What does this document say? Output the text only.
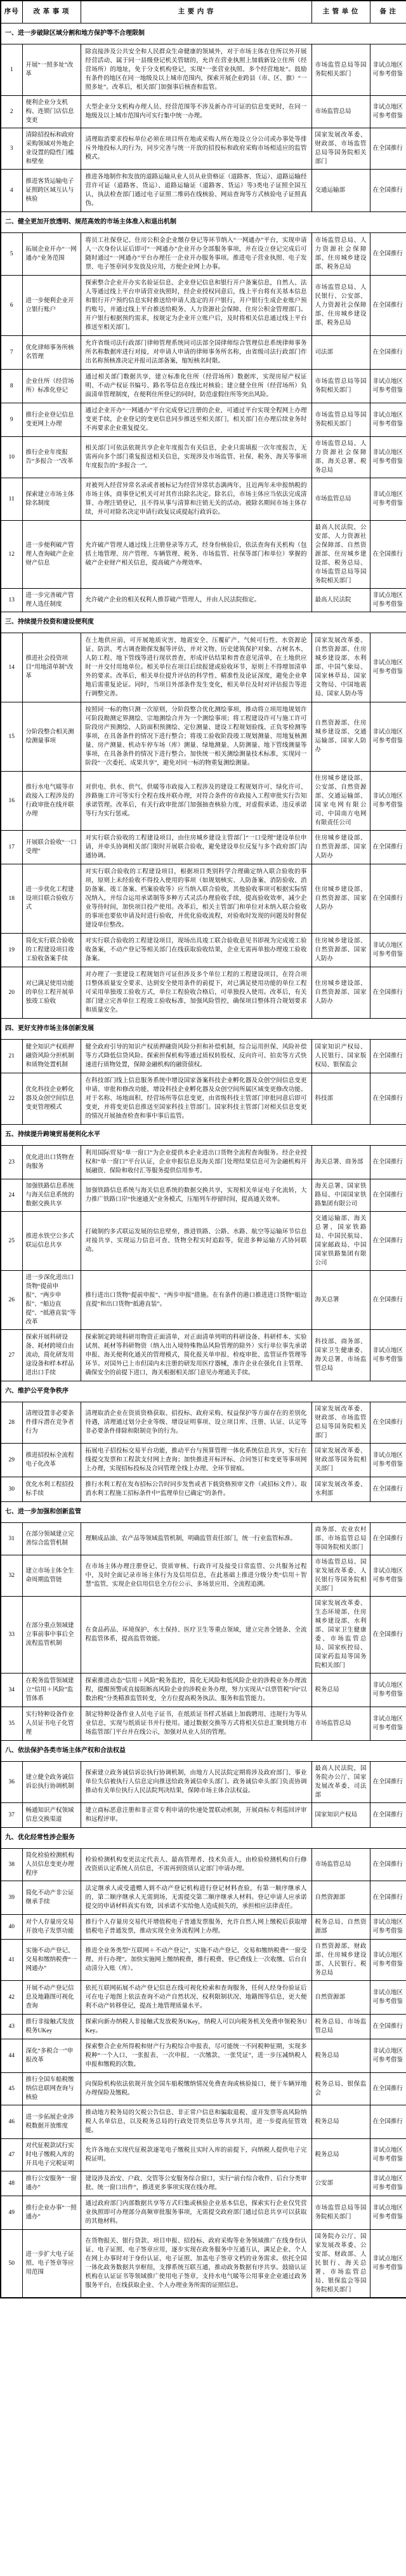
序号	改 革 事 项	主 要 内 容	主 管 单 位	备 注
一、进一步破除区域分割和地方保护等不合理限制				
1	开展“一照多址”改革	除直接涉及公共安全和人民群众生命健康的领域外，对于市场主体在住所以外开展经营活动、属于同一县级登记机关管辖的，允许在营业执照上加载新设立住所（经营场所）的地址，免于分支机构登记，实现“一张营业执照、多个经营地址”。鼓励有条件的地区在同一地级及以上城市范围内，探索开展企业跨县（市、区、旗）“一照多址”。改革后，相关部门加强事后核查和监管。	市场监管总局等国务院相关部门	非试点地区可参考借鉴
2	便利企业分支机构、连锁门店信息变更	大型企业分支机构办理人员、经营范围等不涉及新办许可证的信息变更时，在同一地级及以上城市范围内可实行集中统一办理。	市场监管总局	非试点地区可参考借鉴
3	清除招投标和政府采购领域对外地企业设置的隐性门槛和壁垒	清理取消要求投标单位必须在项目所在地或采购人所在地设立分公司或办事处等排斥外地投标人的行为，同步完善与统一开放的招投标和政府采购市场相适应的监管模式。	国家发展改革委、财政部、市场监管总局等国务院相关部门	在全国推行
4	推进客货运输电子证照跨区域互认与核验	推进各地制作和发放的道路运输从业人员从业资格证（道路客、货运）、道路运输经营许可证（道路客、货运）、道路运输证（道路客、货运）等3类电子证照全国互认，执法检查部门通过电子证照二维码在线核验、网站查询等方式核验电子证照真伪。	交通运输部	在全国推行
二、健全更加开放透明、规范高效的市场主体准入和退出机制				
5	拓展企业开办“一网通办”业务范围	将员工社保登记、住房公积金企业缴存登记等环节纳入“一网通办”平台，实现申请人一次身份认证后即可“一网通办”企业开办全部服务事项，并在设立登记完成后可随时通过“一网通办”平台办理任一企业开办服务事项。推进电子营业执照、电子发票、电子签章同步发放及应用，方便企业网上办事。	市场监管总局、人力资源社会保障部、住房城乡建设部、税务总局	在全国推行
6	进一步便利企业开立银行账户	探索整合企业开办实名验证信息、企业登记信息和银行开户备案信息，自然人、法人等通过线上平台申请营业执照时，经企业授权同意后，线上平台将有关基本信息和银行开户预约信息实时推送给申请人选定的开户银行，开户银行生成企业账户预约账号，并通过线上平台推送给税务、人力资源社会保障、住房公积金管理部门。开户银行根据预约需求，按规定为企业开立账户后，及时将相关信息通过线上平台推送至相关部门。	市场监管总局、人民银行、公安部、人力资源社会保障部、住房城乡建设部、税务总局	在全国推行
7	优化律师事务所核名管理	允许省级司法行政部门律师管理系统同司法部全国律师综合管理信息系统律师事务所名称数据库进行对接，对申请人申请的律师事务所名称，由省级司法行政部门作出名称预核准决定并报司法部备案，缩短核名时限。	司法部	在全国推行
8	企业住所（经营场所）标准化登记	通过相关部门数据共享，建立标准化住所（经营场所）数据库，实现房屋产权证明、不动产权证书编号、路名等信息在线比对核验；建立健全住所（经营场所）负面清单管理制度，在便利住所登记的同时，防范虚假住所等突出风险。	市场监管总局等国务院相关部门	非试点地区可参考借鉴
9	推行企业登记信息变更网上办理	通过企业开办“一网通办”平台完成登记注册的企业，可通过平台实现全程网上办理变更手续，企业登记的变更信息同步推送至相关部门，相关部门在办理后续业务时不再要求企业重复提交。	市场监管总局等国务院相关部门	非试点地区可参考借鉴
10	推行企业年度报告“多报合一”改革	相关部门可依法依规共享企业年度报告有关信息，企业只需填报一次年度报告，无需再向多个部门重复报送相关信息，实现涉及市场监管、社保、税务、海关等事项年度报告的“多报合一”。	市场监管总局、人力资源社会保障部、海关总署、税务总局	非试点地区可参考借鉴
11	探索建立市场主体除名制度	对被列入经营异常名录或者被标记为经营异常状态满两年，且近两年未申报纳税的市场主体，商事登记机关可对其作出除名决定。除名后，市场主体应当依法完成清算、办理注销登记，且不得从事与清算和注销无关的活动。被除名期间市场主体存续，并可对除名决定申请行政复议或提起行政诉讼。	市场监管总局	非试点地区可参考借鉴
12	进一步便利破产管理人查询破产企业财产信息	允许破产管理人通过线上注册登录等方式，经身份核验后，依法查询有关机构（包括土地管理、房产管理、车辆管理、税务、市场监管、社保等部门和单位）掌握的破产企业财产相关信息，提高破产办理效率。	最高人民法院，公安部、人力资源社会保障部、自然资源部、住房城乡建设部、税务总局、市场监管总局等国务院相关部门	在全国推行
13	进一步完善破产管理人选任制度	允许破产企业的相关权利人推荐破产管理人，并由人民法院指定。	最高人民法院	非试点地区可参考借鉴
三、持续提升投资和建设便利度				
14	推进社会投资项目“用地清单制”改革	在土地供应前，可开展地质灾害、地震安全、压覆矿产、气候可行性、水资源论证、防洪、考古调查勘探发掘等评估，并对文物、历史建筑保护对象、古树名木、人防工程、地下管线等进行现状普查，形成评估结果和普查意见清单，在土地供应时一并交付用地单位。相关单位在项目后续报建或验收环节，原则上不得增加清单外的要求。改革后，相关单位提升评估的科学性、精准性及论证深度，避免企业拿地后需重复论证。同时，当项目外部条件发生变化，相关单位及时对评估报告等进行调整完善。	国家发展改革委、自然资源部、住房城乡建设部、水利部、中国气象局、国家林草局、国家文物局、中国地震局、国家人防办等	非试点地区可参考借鉴
15	分阶段整合相关测绘测量事项	按照同一标的物只测一次原则，分阶段整合优化测绘事项，推动将立项用地规划许可阶段勘测定界测绘、宗地测绘合并为一个测绘事项；将工程建设许可与施工许可阶段房产预测绘、人防面积预测绘、定位测量、建设工程规划验线、正负零检测等事项，在具备条件的情况下进行整合；将竣工验收阶段竣工规划测量、用地复核测量、房产测量、机动车停车场（库）测量、绿地测量、人防测量、地下管线测量等事项，在具备条件的情况下进行整合。加快统一相关测绘测量技术标准，实现同一阶段“一次委托、成果共享”，避免对同一标的物重复测绘测量。	自然资源部、住房城乡建设部、交通运输部、国家人防办	非试点地区可参考借鉴
16	推行水电气暖等市政接入工程涉及的行政审批在线并联办理	对供电、供水、供气、供暖等市政接入工程涉及的建设工程规划许可、绿化许可、涉路施工许可等实行全程在线并联办理，对符合条件的市政接入工程审批实行告知承诺管理。改革后，有关行政审批部门加强抽查核验力度，对虚假承诺、违反承诺等行为实行惩戒。	住房城乡建设部、公安部、自然资源部、交通运输部、国家电网有限公司、中国南方电网有限责任公司	非试点地区可参考借鉴
17	开展联合验收“一口受理”	对实行联合验收的工程建设项目，由住房城乡建设主管部门“一口受理”建设单位申请，并牵头协调相关部门限时开展联合验收，避免建设单位反复与多个政府部门沟通协调。	住房城乡建设部、自然资源部、国家人防办	在全国推行
18	进一步优化工程建设项目联合验收方式	对实行联合验收的工程建设项目，根据项目类别科学合理确定纳入联合验收的事项，原则上未经验收不得投入使用的事项（如规划核实、人防备案、消防验收、消防备案、竣工备案、档案验收等）应当纳入联合验收，其他验收事项可根据实际情况纳入，并综合运用承诺制等多种方式灵活办理验收手续，提高验收效率，减少企业等待时间，加快项目投产使用。改革后，相关主管部门和单位对未纳入联合验收的事项也要依申请及时进行验收，并优化验收流程，对验收时发现的问题及时督促建设单位整改。	住房城乡建设部、自然资源部、国家人防办	在全国推行
19	简化实行联合验收的工程建设项目竣工验收备案手续	对实行联合验收的工程建设项目，现场出具竣工联合验收意见书即视为完成竣工验收备案，不动产登记等相关部门在线获取验收结果，企业无需再单独办理竣工验收备案。	住房城乡建设部、自然资源部、国家人防办	非试点地区可参考借鉴
20	对已满足使用功能的单位工程开展单独竣工验收	对办理了一张建设工程规划许可证但涉及多个单位工程的工程建设项目，在符合项目整体质量安全要求、达到安全使用条件的前提下，对已满足使用功能的单位工程可采用单独竣工验收方式，单位工程验收合格后，可单独投入使用。改革后，有关部门建立完善单位工程竣工验收标准，加强风险管控，确保项目整体符合规划要求和质量安全。	住房城乡建设部、自然资源部、国家人防办	在全国推行
四、更好支持市场主体创新发展				
21	健全知识产权质押融资风险分担机制和质物处置机制	健全政府引导的知识产权质押融资风险分担和补偿机制，综合运用担保、风险补偿等方式降低信贷风险。探索担保机构等通过质权转股权、反向许可、拍卖等方式快速进行质物处置，保障金融机构的融资债权。	国家知识产权局、人民银行、国家版权局、银保监会	在全国推行
22	优化科技企业孵化器及众创空间信息变更管理模式	在科技部门线上信息服务系统中增设国家备案科技企业孵化器及众创空间信息变更申请、审批和修改功能，增设科技企业孵化器及众创空间所属区域变更修改功能。对于名称、场地面积、经营场所等信息变更，由省级科技主管部门审批同意后即可变更，并将变更信息推送至国家科技主管部门。国家科技主管部门对相关信息变更的情况开展抽查检查和事中事后监管。	科技部	在全国推行
五、持续提升跨境贸易便利化水平				
23	优化进出口货物查询服务	利用国际贸易“单一窗口”为企业提供本企业进出口货物全流程查询服务。经企业授权和“单一窗口”平台认证，企业申报信息及海关部门处理结果信息可为金融机构开展融资、保险和收付汇等服务提供信用参考。	海关总署、商务部	在全国推行
24	加强铁路信息系统与海关信息系统的数据交换共享	加强铁路信息系统与海关信息系统的数据交换共享，实现相关单证电子化流转，大力推广铁路口岸“快速通关”业务模式，压缩列车停留时间，提高通关效率。	海关总署、国家铁路局、中国国家铁路集团有限公司	在全国推行
25	推进水铁空公多式联运信息共享	打破制约多式联运发展的信息壁垒，推进铁路、公路、水路、航空等运输环节信息对接共享，实现运力信息可查、货物全程实时追踪等，促进多种运输方式协同联动。	交通运输部、海关总署、国家铁路局、中国民航局、国家邮政局、中国国家铁路集团有限公司	在全国推行
26	进一步深化进出口货物“提前申报”、“两步申报”、“船边直提”、“抵港直装”等改革	推行进出口货物“提前申报”、“两步申报”措施。在有条件的港口推进进口货物“船边直提”和出口货物“抵港直装”。	海关总署	在全国推行
27	探索开展科研设备、耗材跨境自由流动，简化研发用途设备和样本样品进出口手续	探索制定跨境科研用物资正面清单，对正面清单列明的科研设备、科研样本、实验试剂、耗材等科研物资（纳入出入境特殊物品风险管理的除外）实行单位事先承诺申报、海关便利化通关的管理模式，简化报关单申报、检疫审批、监管证件管理等环节。对国外已上市但国内未注册的研发用医疗器械，准许企业在强化自主管理、确保安全的前提下进口，海关根据相关部门意见办理通关手续。	科技部、商务部、国家卫生健康委、海关总署、市场监管总局	非试点地区可参考借鉴
六、维护公平竞争秩序				
28	清理设置非必要条件排斥潜在竞争者行为	清理取消企业在资质资格获取、招投标、政府采购、权益保护等方面存在的差别化待遇，清理通过划分企业等级、增设证明事项、设立项目库、注册、认证、认定等非必要条件排除和限制竞争的行为。	国家发展改革委、财政部、市场监管总局等国务院相关部门	在全国推行
29	推进招投标全流程电子化改革	拓展电子招投标交易平台功能，推动平台与预算管理一体化系统信息共享，实行在线提交发票和工程款支付网上查询；加快推进开标评标、合同签订和变更等事项网上办理，实现招标投标及合同管理全线上办理、全环节留痕。	国家发展改革委、财政部等国务院相关部门	非试点地区可参考借鉴
30	优化水利工程招投标手续	推行水利工程在发布招标公告时同步发售或者下载资格预审文件（或招标文件）。取消水利工程施工招标条件中“监理单位已确定”的条件。	国家发展改革委、水利部	在全国推行
七、进一步加强和创新监管				
31	在部分领域建立完善综合监管机制	理顺成品油、农产品等领域监管机制，明确监管责任部门，统一行业监管标准。	商务部、农业农村部、市场监管总局等国务院相关部门	在全国推行
32	建立市场主体全生命周期监管链	在市场主体办理注册登记、资质审核、行政许可及接受日常监管、公共服务过程中，及时全面记录市场主体行为及信用信息，在此基础上推进分级分类“信用＋智慧”监管，实现企业信用信息全方位公示、多场景应用、全流程追溯。	市场监管总局、国家发展改革委、人民银行等国务院相关部门	非试点地区可参考借鉴
33	在部分重点领域建立事前事中事后全流程监管机制	在食品药品、环境保护、水土保持、医疗卫生等重点领域，建立完善全链条、全流程监管体系，提高监管效能。	国家发展改革委、生态环境部、住房城乡建设部、水利部、国家卫生健康委、市场监管总局、国家疾控局、国家药监局等国务院相关部门	在全国推行
34	在税务监管领域建立“信用＋风险”监管体系	探索推进动态“信用＋风险”税务监控，简化无风险和低风险企业的涉税业务办理流程，提醒预警或直接阻断高风险企业的涉税业务办理，努力实现从“以票管税”向“以数治税”分类精准监管转变，全方位提高税务执法、服务和监管能力。	税务总局	非试点地区可参考借鉴
35	实行特种设备作业人员证书电子化管理	制定特种设备作业人员电子证书，在纸质证书样式基础上加载聘用、违规行为等从业信息，实现与纸质证书并行使用。通过数据交换等方式将相关信息汇聚到地方市场监管部门平台并在线公示，加强对从业人员的管理。	市场监管总局	非试点地区可参考借鉴
八、依法保护各类市场主体产权和合法权益				
36	建立健全政务诚信诉讼执行协调机制	探索建立政务诚信诉讼执行协调机制，由地方人民法院定期将涉及政府部门、事业单位失信被执行人信息定向推送给政务诚信牵头部门。政务诚信牵头部门负责协调推动有关单位执行人民法院判决结果，保障市场主体合法权益。	最高人民法院，国务院办公厅、国家发展改革委、司法部	在全国推行
37	畅通知识产权领域信息交换渠道	建立商标恶意注册和非正常专利申请的快速处置联动机制，开展商标专利巡回评审和远程评审。	国家知识产权局	在全国推行
九、优化经常性涉企服务				
38	简化检验检测机构人员信息变更办理程序	检验检测机构变更法定代表人、最高管理者、技术负责人，由检验检测机构自行修改资质认定系统人员信息，不需再到资质认定部门申请办理。	市场监管总局	在全国推行
39	简化不动产非公证继承手续	法定继承人或受遗赠人到不动产登记机构进行登记材料查验，有第一顺序继承人的，第二顺序继承人无需到场，无需提交第二顺序继承人材料。登记申请人应承诺提交的申请材料真实有效，因承诺不实给他人造成损失的，承担相应法律责任。	自然资源部	在全国推行
40	对个人存量房交易开放电子发票功能	推行个人存量房交易代开增值税电子普通发票服务，允许自然人网上缴税后获取增值税电子普通发票，推动实现全业务流程网上办理。	税务总局、自然资源部	非试点地区可参考借鉴
41	实施不动产登记、交易和缴纳税费“一网通办”	推进全业务类型“互联网＋不动产登记”，实施不动产登记、交易和缴纳税费“一窗受理、并行办理”。加快实施网上缴纳税费，推行税费、登记费线上一次收缴、后台自动清分入账（库）。	自然资源部、财政部、住房城乡建设部、人民银行、税务总局	非试点地区可参考借鉴
42	开展不动产登记信息及地籍图可视化查询	依托互联网拓展不动产登记信息在线可视化检索和查询服务，任何人经身份验证后可在电子地图上依法查询不动产自然状况、权利限制状况、地籍图等信息，更大便利不动产转移登记，提高土地管理质量水平。	自然资源部	非试点地区可参考借鉴
43	推行非接触式发放税务UKey	探索向新办纳税人非接触式发放税务UKey，纳税人可以向税务机关免费申领税务UKey。	税务总局、市场监管总局	在全国推行
44	深化“多税合一”申报改革	探索整合企业所得税和财产行为税综合申报表，尽可能统一不同税种征期，实现多税种“一个入口、一张报表、一次申报、一次缴款、一张凭证”，进一步压减纳税人申报和缴税的次数。	税务总局	非试点地区可参考借鉴
45	推行全国车船税缴纳信息联网查询与核验	向保险机构依法依规开放全国车船税缴纳情况免费查询或核验接口，便于车辆异地办理保险及缴税。	税务总局、银保监会	在全国推行
46	进一步拓展企业涉税数据开放维度	推动地方税务局的欠税公告信息、非正常户信息和骗取退税、虚开发票等高风险纳税人名单信息，以及税务总局的行政处罚类信息等共享共用，进一步提高征管效能。	税务总局	在全国推行
47	对代征税款试行实时电子缴税入库的开具电子完税证明	允许各地在实现代征税款逐笔电子缴税且实时入库的前提下，向纳税人提供电子完税证明。	税务总局	非试点地区可参考借鉴
48	推行公安服务“一窗通办”	建设涉及治安、户政、交管等公安服务综合窗口，实行“前台综合收件、后台分类审批、统一窗口出件”，推进更多事项实现在线办理。	公安部	非试点地区可参考借鉴
49	推行企业办事“一照通办”	通过政府部门内部数据共享等方式归集或核验企业基本信息，探索实行企业仅凭营业执照即可办理部分高频审批服务事项，无需提交政府部门通过信息共享可以获取的其他材料。	市场监管总局等国务院相关部门	非试点地区可参考借鉴
50	进一步扩大电子证照、电子签章等应用范围	在货物报关、银行贷款、项目申报、招投标、政府采购等业务领域推广在线身份认证、电子证照、电子签章应用，逐步实现在政务服务中互通互认，满足企业、个人在网上办事时对于身份认证、电子证照、加盖电子签章文档的业务需求。依托全国一体化政务数据共享枢纽，支撑系统互联互通，推动政务数据有序共享。鼓励认证机构在认证证书等领域推广使用电子签章，支持水电气暖等公用事业企业通过政务服务平台，在线获取企业、个人办理业务所需的证照信息。	国务院办公厅、国家发展改革委、公安部、财政部、人民银行、海关总署、市场监管总局、银保监会等国务院相关部门	非试点地区可参考借鉴
